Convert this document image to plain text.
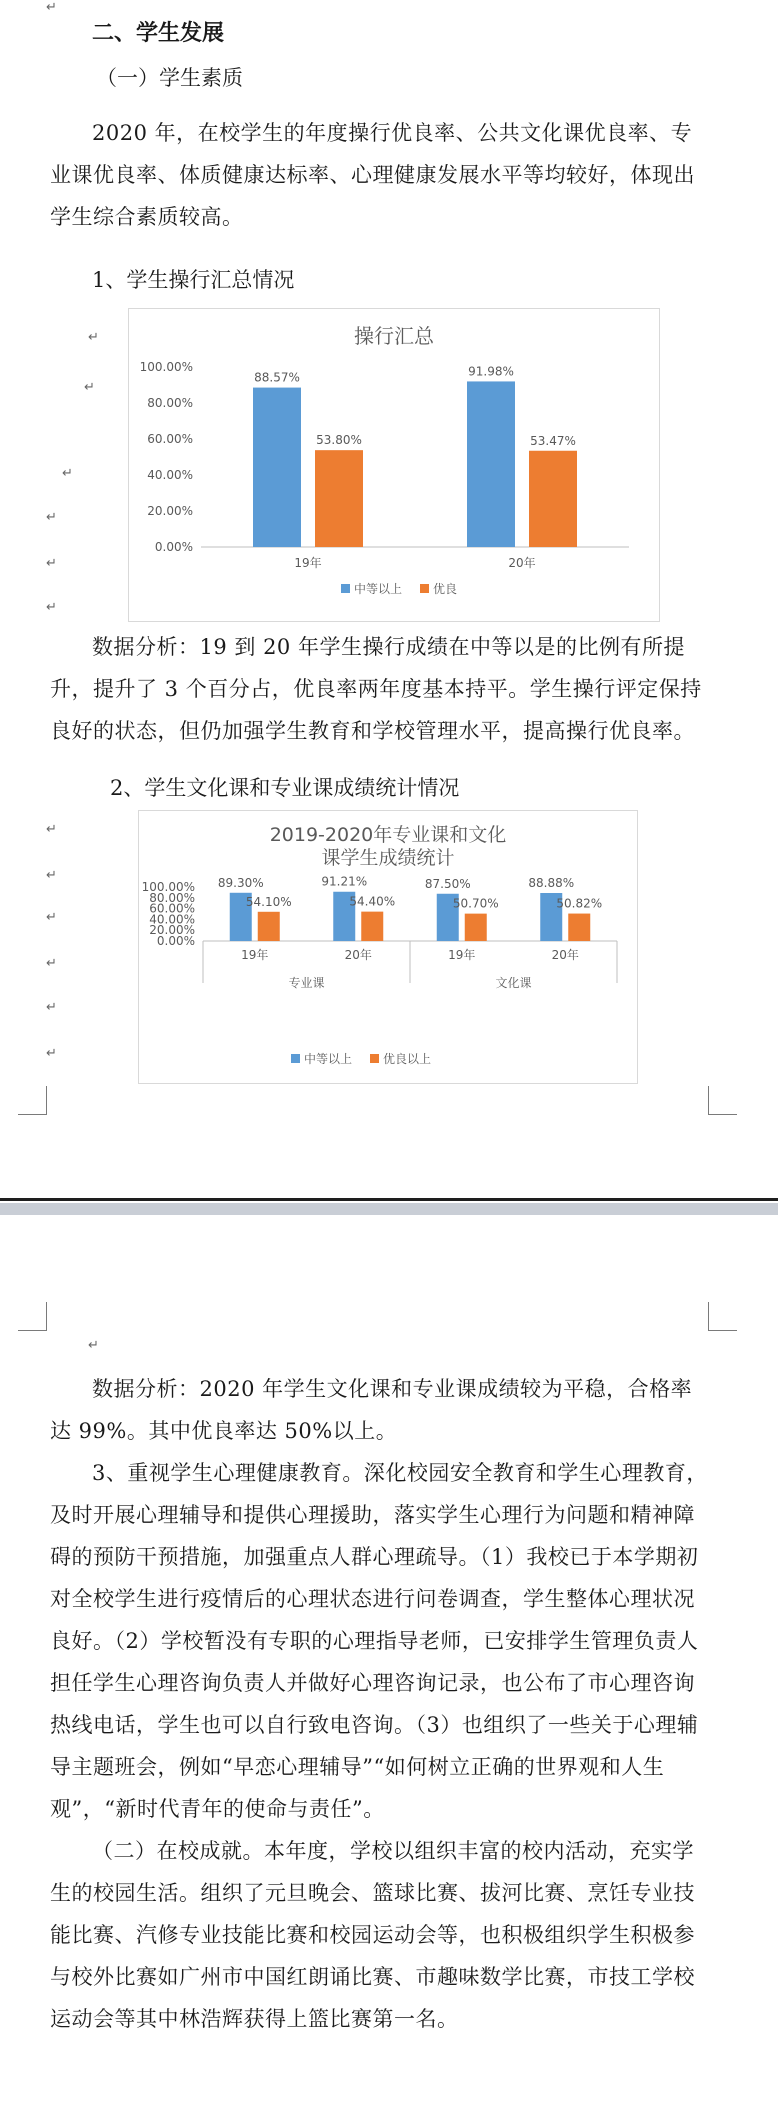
↵
二、学生发展
（一）学生素质
2020 年，在校学生的年度操行优良率、公共文化课优良率、专业课优良率、体质健康达标率、心理健康发展水平等均较好，体现出学生综合素质较高。
1、学生操行汇总情况
↵
↵
↵
↵
↵
↵
操行汇总
0.00%
20.00%
40.00%
60.00%
80.00%
100.00%
88.57%
53.80%
19年
91.98%
53.47%
20年
中等以上	优良
数据分析：19 到 20 年学生操行成绩在中等以是的比例有所提升，提升了 3 个百分占，优良率两年度基本持平。学生操行评定保持良好的状态，但仍加强学生教育和学校管理水平，提高操行优良率。
2、学生文化课和专业课成绩统计情况
↵
↵
↵
↵
↵
↵
2019-2020年专业课和文化
课学生成绩统计
0.00%
20.00%
40.00%
60.00%
80.00%
100.00% 89.30%
54.10%
19年
91.21%
54.40%
20年
87.50%
50.70%
19年
88.88%
50.82%
20年
专业课	文化课
中等以上	优良以上
↵
数据分析：2020 年学生文化课和专业课成绩较为平稳，合格率达 99%。其中优良率达 50%以上。
3、重视学生心理健康教育。深化校园安全教育和学生心理教育，及时开展心理辅导和提供心理援助，落实学生心理行为问题和精神障碍的预防干预措施，加强重点人群心理疏导。（1）我校已于本学期初对全校学生进行疫情后的心理状态进行问卷调查，学生整体心理状况良好。（2）学校暂没有专职的心理指导老师，已安排学生管理负责人担任学生心理咨询负责人并做好心理咨询记录，也公布了市心理咨询热线电话，学生也可以自行致电咨询。（3）也组织了一些关于心理辅导主题班会，例如“早恋心理辅导”“如何树立正确的世界观和人生观”，“新时代青年的使命与责任”。
（二）在校成就。本年度，学校以组织丰富的校内活动，充实学生的校园生活。组织了元旦晚会、篮球比赛、拔河比赛、烹饪专业技能比赛、汽修专业技能比赛和校园运动会等，也积极组织学生积极参与校外比赛如广州市中国红朗诵比赛、市趣味数学比赛，市技工学校运动会等其中林浩辉获得上篮比赛第一名。
